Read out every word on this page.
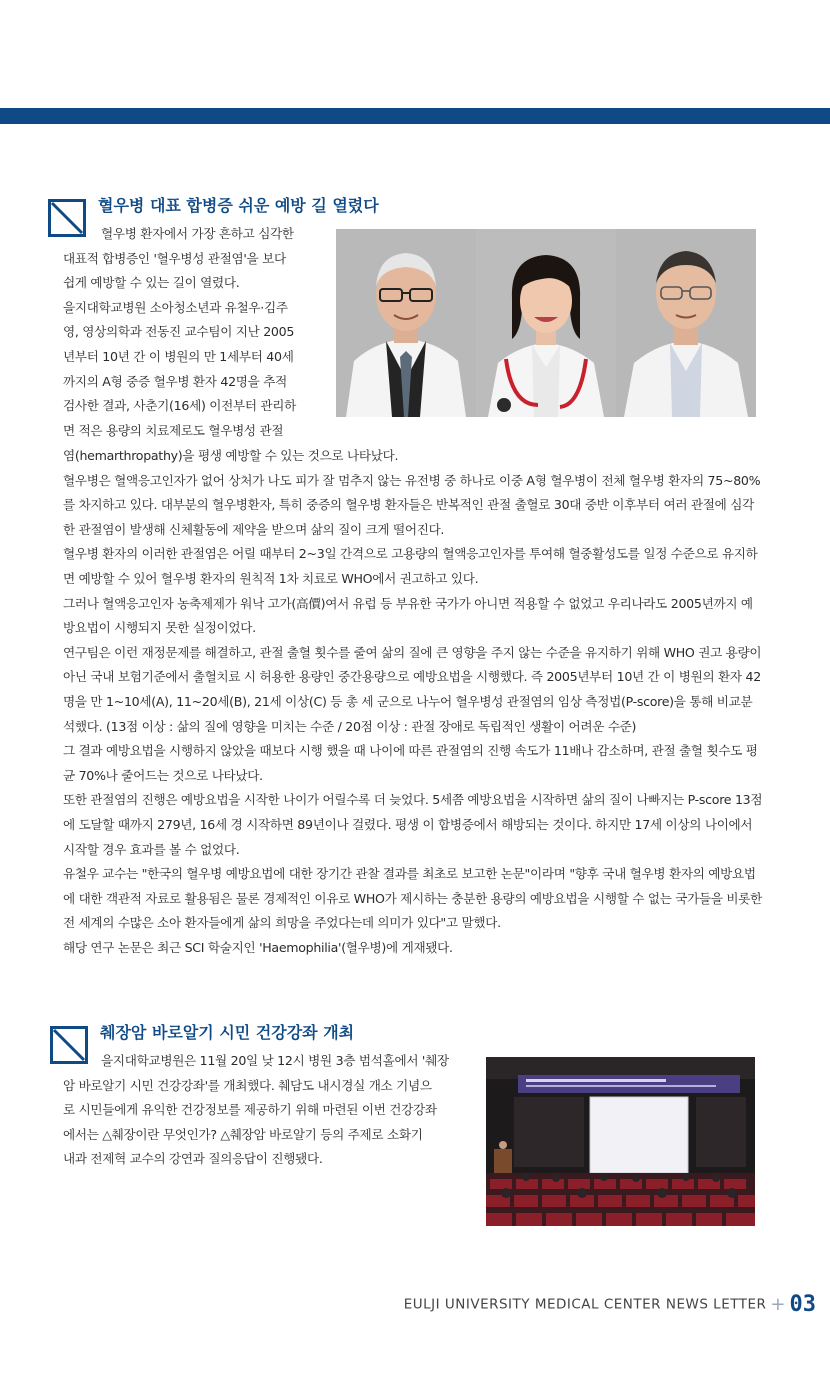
혈우병 대표 합병증 쉬운 예방 길 열렸다

혈우병 환자에서 가장 흔하고 심각한

대표적 합병증인 '혈우병성 관절염'을 보다

쉽게 예방할 수 있는 길이 열렸다.

을지대학교병원 소아청소년과 유철우·김주

영, 영상의학과 전동진 교수팀이 지난 2005

년부터 10년 간 이 병원의 만 1세부터 40세

까지의 A형 중증 혈우병 환자 42명을 추적

검사한 결과, 사춘기(16세) 이전부터 관리하

면 적은 용량의 치료제로도 혈우병성 관절

염(hemarthropathy)을 평생 예방할 수 있는 것으로 나타났다.

혈우병은 혈액응고인자가 없어 상처가 나도 피가 잘 멈추지 않는 유전병 중 하나로 이중 A형 혈우병이 전체 혈우병 환자의 75~80%를 차지하고 있다. 대부분의 혈우병환자, 특히 중증의 혈우병 환자들은 반복적인 관절 출혈로 30대 중반 이후부터 여러 관절에 심각한 관절염이 발생해 신체활동에 제약을 받으며 삶의 질이 크게 떨어진다.

혈우병 환자의 이러한 관절염은 어릴 때부터 2~3일 간격으로 고용량의 혈액응고인자를 투여해 혈중활성도를 일정 수준으로 유지하면 예방할 수 있어 혈우병 환자의 원칙적 1차 치료로 WHO에서 권고하고 있다.

그러나 혈액응고인자 농축제제가 워낙 고가(高價)여서 유럽 등 부유한 국가가 아니면 적용할 수 없었고 우리나라도 2005년까지 예방요법이 시행되지 못한 실정이었다.

연구팀은 이런 재정문제를 해결하고, 관절 출혈 횟수를 줄여 삶의 질에 큰 영향을 주지 않는 수준을 유지하기 위해 WHO 권고 용량이 아닌 국내 보험기준에서 출혈치료 시 허용한 용량인 중간용량으로 예방요법을 시행했다. 즉 2005년부터 10년 간 이 병원의 환자 42명을 만 1~10세(A), 11~20세(B), 21세 이상(C) 등 총 세 군으로 나누어 혈우병성 관절염의 임상 측정법(P-score)을 통해 비교분석했다. (13점 이상 : 삶의 질에 영향을 미치는 수준 / 20점 이상 : 관절 장애로 독립적인 생활이 어려운 수준)

그 결과 예방요법을 시행하지 않았을 때보다 시행 했을 때 나이에 따른 관절염의 진행 속도가 11배나 감소하며, 관절 출혈 횟수도 평균 70%나 줄어드는 것으로 나타났다.

또한 관절염의 진행은 예방요법을 시작한 나이가 어릴수록 더 늦었다. 5세쯤 예방요법을 시작하면 삶의 질이 나빠지는 P-score 13점에 도달할 때까지 279년, 16세 경 시작하면 89년이나 걸렸다. 평생 이 합병증에서 해방되는 것이다. 하지만 17세 이상의 나이에서 시작할 경우 효과를 볼 수 없었다.

유철우 교수는 "한국의 혈우병 예방요법에 대한 장기간 관찰 결과를 최초로 보고한 논문"이라며 "향후 국내 혈우병 환자의 예방요법에 대한 객관적 자료로 활용됨은 물론 경제적인 이유로 WHO가 제시하는 충분한 용량의 예방요법을 시행할 수 없는 국가들을 비롯한 전 세계의 수많은 소아 환자들에게 삶의 희망을 주었다는데 의미가 있다"고 말했다.

해당 연구 논문은 최근 SCI 학술지인 'Haemophilia'(혈우병)에 게재됐다.

췌장암 바로알기 시민 건강강좌 개최

을지대학교병원은 11월 20일 낮 12시 병원 3층 범석홀에서 '췌장

암 바로알기 시민 건강강좌'를 개최했다. 췌담도 내시경실 개소 기념으

로 시민들에게 유익한 건강정보를 제공하기 위해 마련된 이번 건강강좌

에서는 △췌장이란 무엇인가? △췌장암 바로알기 등의 주제로 소화기

내과 전제혁 교수의 강연과 질의응답이 진행됐다.

EULJI UNIVERSITY MEDICAL CENTER NEWS LETTER + 03
